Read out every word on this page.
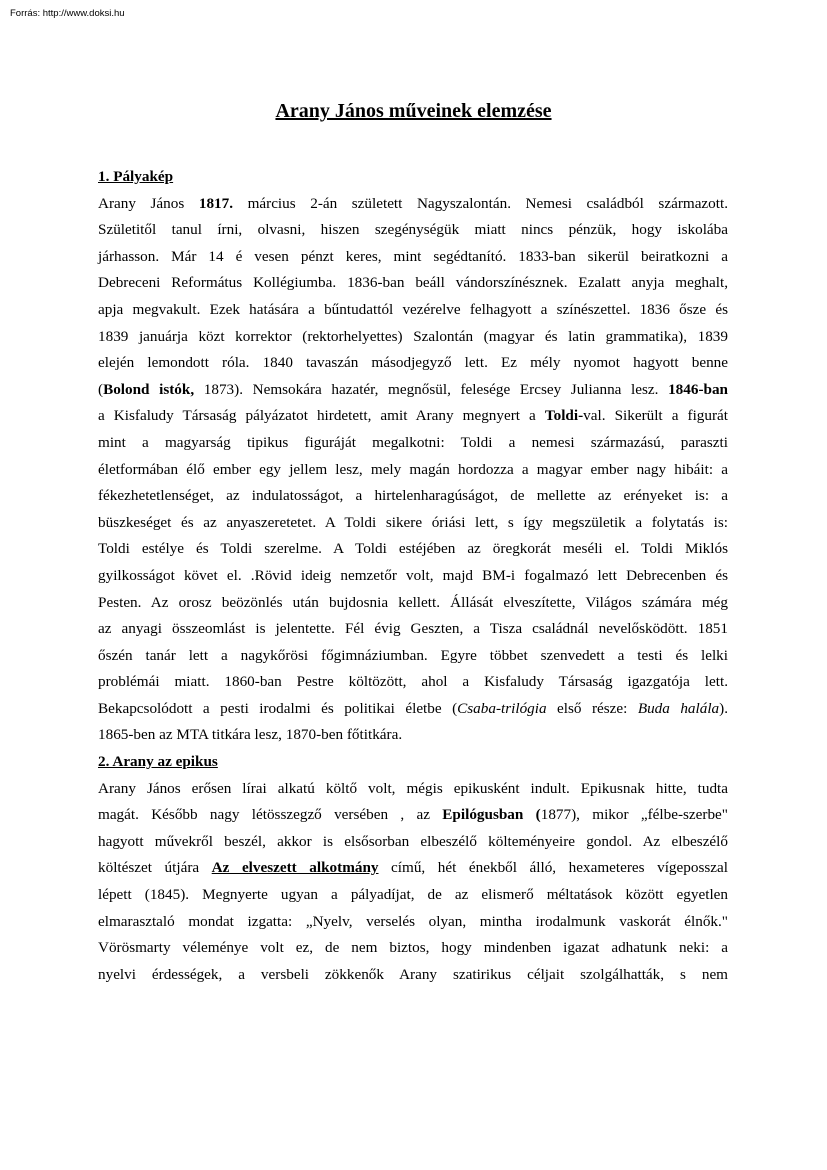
Forrás: http://www.doksi.hu
Arany János műveinek elemzése
1. Pályakép
Arany János 1817. március 2-án született Nagyszalontán. Nemesi családból származott.
Születitől tanul írni, olvasni, hiszen szegénységük miatt nincs pénzük, hogy iskolába
járhasson. Már 14 é vesen pénzt keres, mint segédtanító. 1833-ban sikerül beiratkozni a
Debreceni Református Kollégiumba. 1836-ban beáll vándorszínésznek. Ezalatt anyja meghalt,
apja megvakult. Ezek hatására a bűntudattól vezérelve felhagyott a színészettel. 1836 ősze és
1839 januárja közt korrektor (rektorhelyettes) Szalontán (magyar és latin grammatika), 1839
elején lemondott róla. 1840 tavaszán másodjegyző lett. Ez mély nyomot hagyott benne
(Bolond istók, 1873). Nemsokára hazatér, megnősül, felesége Ercsey Julianna lesz. 1846-ban
a Kisfaludy Társaság pályázatot hirdetett, amit Arany megnyert a Toldi-val. Sikerült a figurát
mint a magyarság tipikus figuráját megalkotni: Toldi a nemesi származású, paraszti
életformában élő ember egy jellem lesz, mely magán hordozza a magyar ember nagy hibáit: a
fékezhetetlenséget, az indulatosságot, a hirtelenharagúságot, de mellette az erényeket is: a
büszkeséget és az anyaszeretetet. A Toldi sikere óriási lett, s így megszületik a folytatás is:
Toldi estélye és Toldi szerelme. A Toldi estéjében az öregkorát meséli el. Toldi Miklós
gyilkosságot követ el. .Rövid ideig nemzetőr volt, majd BM-i fogalmazó lett Debrecenben és
Pesten. Az orosz beözönlés után bujdosnia kellett. Állását elveszítette, Világos számára még
az anyagi összeomlást is jelentette. Fél évig Geszten, a Tisza családnál nevelősködött. 1851
őszén tanár lett a nagykőrösi főgimnáziumban. Egyre többet szenvedett a testi és lelki
problémái miatt. 1860-ban Pestre költözött, ahol a Kisfaludy Társaság igazgatója lett.
Bekapcsolódott a pesti irodalmi és politikai életbe (Csaba-trilógia első része: Buda halála).
1865-ben az MTA titkára lesz, 1870-ben főtitkára.
2. Arany az epikus
Arany János erősen lírai alkatú költő volt, mégis epikusként indult. Epikusnak hitte, tudta
magát. Később nagy létösszegző versében , az Epilógusban (1877), mikor „félbe-szerbe"
hagyott művekről beszél, akkor is elsősorban elbeszélő költeményeire gondol. Az elbeszélő
költészet útjára Az elveszett alkotmány című, hét énekből álló, hexameteres vígeposszal
lépett (1845). Megnyerte ugyan a pályadíjat, de az elismerő méltatások között egyetlen
elmarasztaló mondat izgatta: „Nyelv, verselés olyan, mintha irodalmunk vaskorát élnők."
Vörösmarty véleménye volt ez, de nem biztos, hogy mindenben igazat adhatunk neki: a
nyelvi érdességek, a versbeli zökkenők Arany szatirikus céljait szolgálhatták, s nem
